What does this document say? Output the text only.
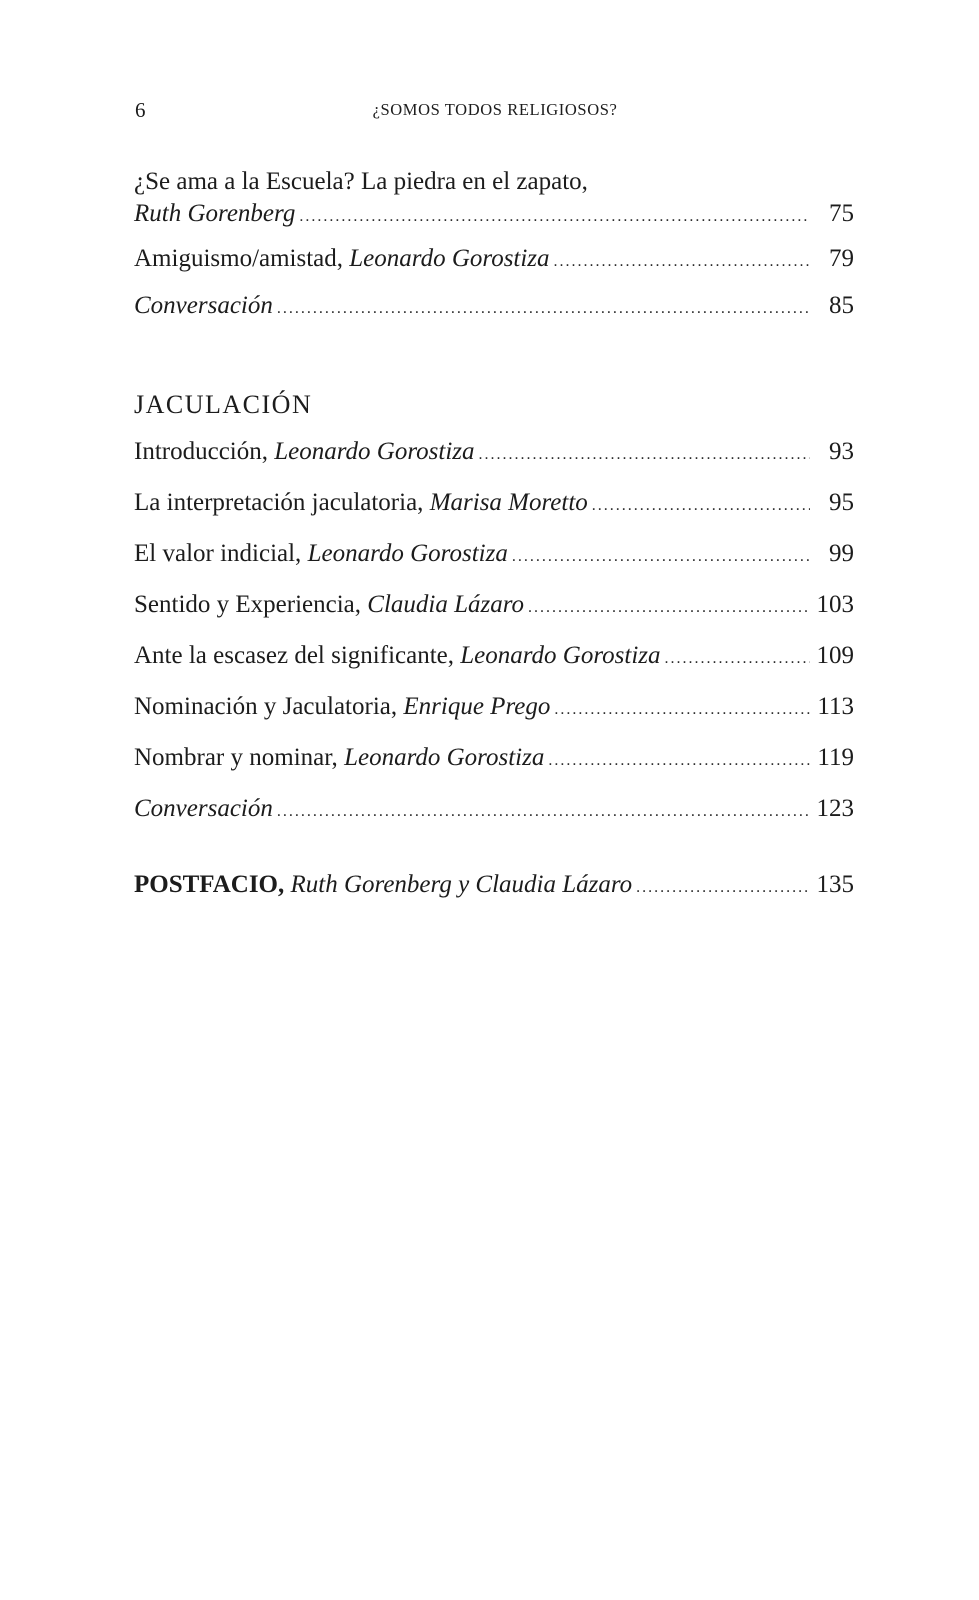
6	¿SOMOS TODOS RELIGIOSOS?
¿Se ama a la Escuela? La piedra en el zapato,
Ruth Gorenberg .....	75
Amiguismo/amistad, Leonardo Gorostiza .....	79
Conversación .....	85
JACULACIÓN
Introducción, Leonardo Gorostiza .....	93
La interpretación jaculatoria, Marisa Moretto .....	95
El valor indicial, Leonardo Gorostiza .....	99
Sentido y Experiencia, Claudia Lázaro .....	103
Ante la escasez del significante, Leonardo Gorostiza .....	109
Nominación y Jaculatoria, Enrique Prego .....	113
Nombrar y nominar, Leonardo Gorostiza .....	119
Conversación .....	123
POSTFACIO, Ruth Gorenberg y Claudia Lázaro .....	135
